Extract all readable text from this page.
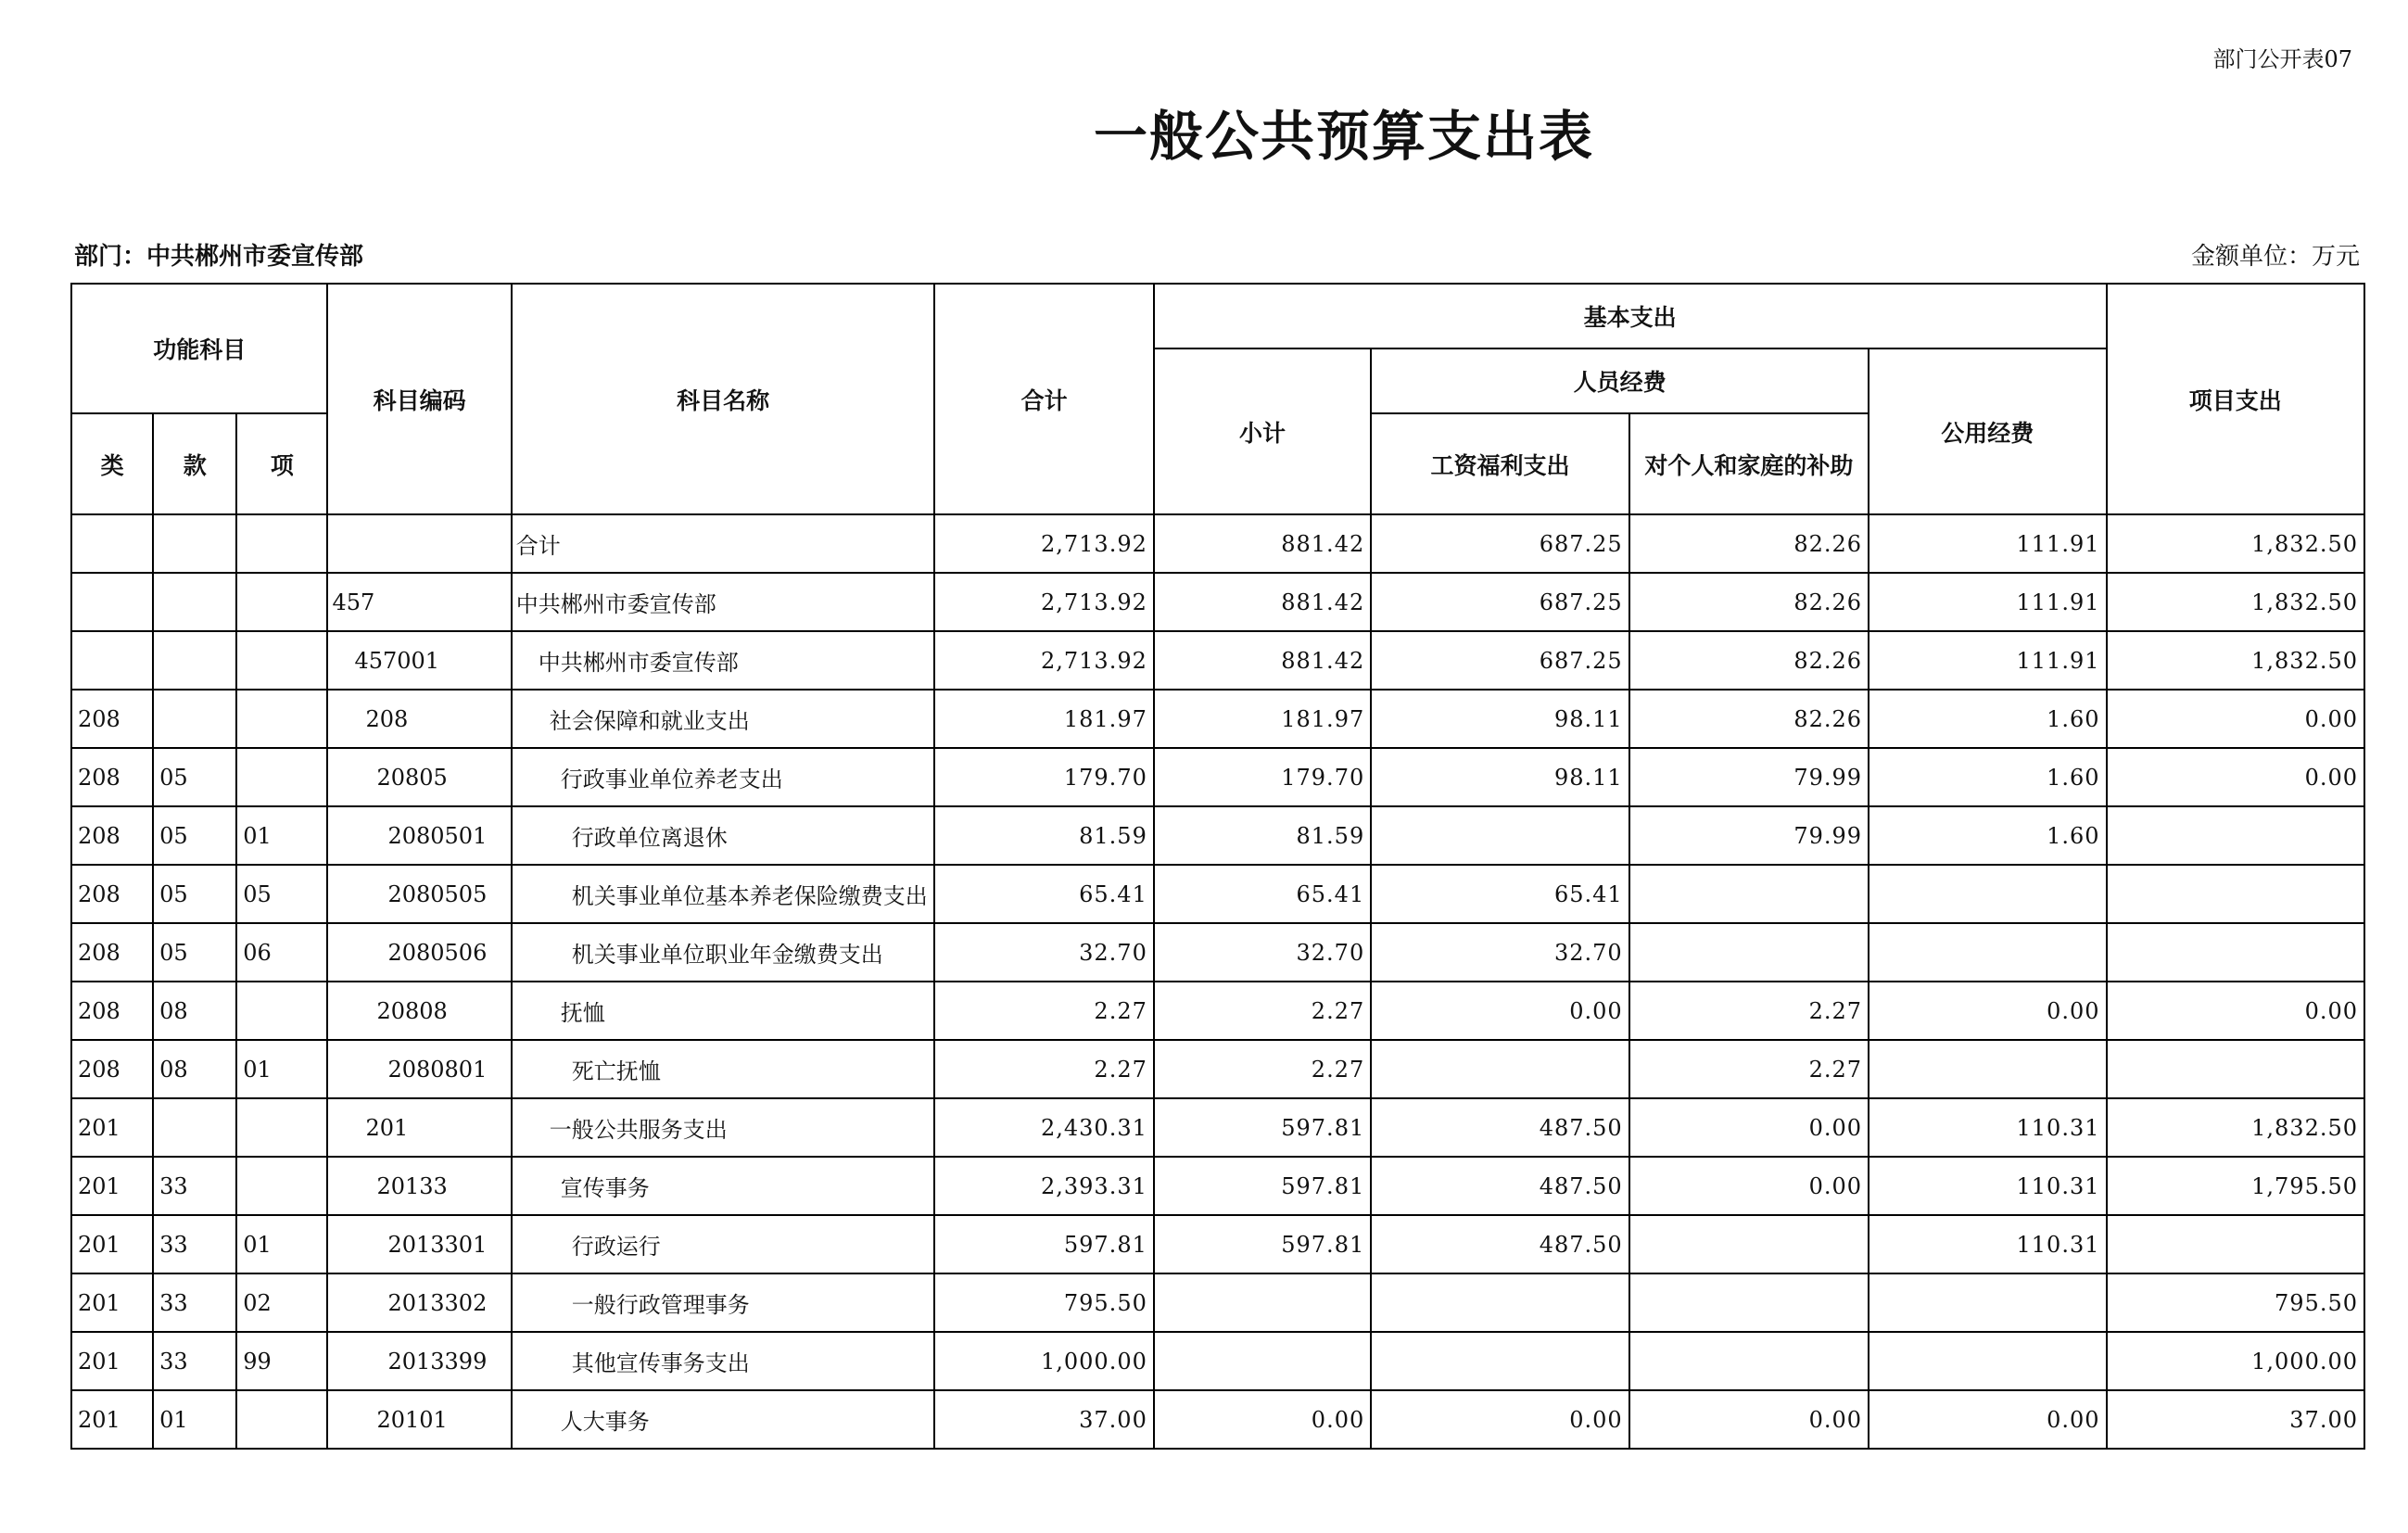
部门公开表07
一般公共预算支出表
部门：中共郴州市委宣传部	金额单位：万元
功能科目			科目编码	科目名称	合计	基本支出				项目支出
						小计	人员经费		公用经费	
类	款	项					工资福利支出	对个人和家庭的补助		
				合计	2,713.92	881.42	687.25	82.26	111.91	1,832.50
			457	中共郴州市委宣传部	2,713.92	881.42	687.25	82.26	111.91	1,832.50
			457001	中共郴州市委宣传部	2,713.92	881.42	687.25	82.26	111.91	1,832.50
208			208	社会保障和就业支出	181.97	181.97	98.11	82.26	1.60	0.00
208	05		20805	行政事业单位养老支出	179.70	179.70	98.11	79.99	1.60	0.00
208	05	01	2080501	行政单位离退休	81.59	81.59		79.99	1.60	
208	05	05	2080505	机关事业单位基本养老保险缴费支出	65.41	65.41	65.41			
208	05	06	2080506	机关事业单位职业年金缴费支出	32.70	32.70	32.70			
208	08		20808	抚恤	2.27	2.27	0.00	2.27	0.00	0.00
208	08	01	2080801	死亡抚恤	2.27	2.27		2.27		
201			201	一般公共服务支出	2,430.31	597.81	487.50	0.00	110.31	1,832.50
201	33		20133	宣传事务	2,393.31	597.81	487.50	0.00	110.31	1,795.50
201	33	01	2013301	行政运行	597.81	597.81	487.50		110.31	
201	33	02	2013302	一般行政管理事务	795.50					795.50
201	33	99	2013399	其他宣传事务支出	1,000.00					1,000.00
201	01		20101	人大事务	37.00	0.00	0.00	0.00	0.00	37.00
